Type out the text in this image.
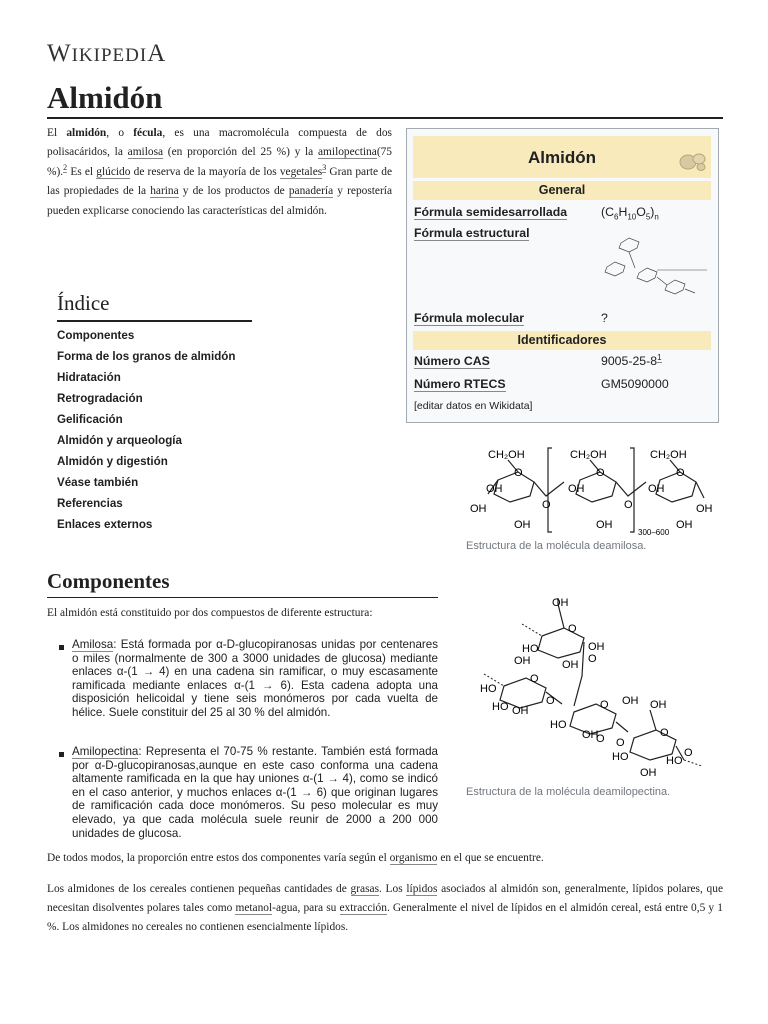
WIKIPEDIA
Almidón
El almidón, o fécula, es una macromolécula compuesta de dos polisacáridos, la amilosa (en proporción del 25 %) y la amilopectina(75 %).$^2$ Es el glúcido de reserva de la mayoría de los vegetales$^3$ Gran parte de las propiedades de la harina y de los productos de panadería y repostería pueden explicarse conociendo las características del almidón.
Almidón
General
Fórmula semidesarrollada	$(C_6H_{10}O_5)_n$
Fórmula estructural
Fórmula molecular	?
Identificadores
Número CAS	$9005-25-8^1$
Número RTECS	GM5090000
[editar datos en Wikidata]
Índice
Componentes
Forma de los granos de almidón
Hidratación
Retrogradación
Gelificación
Almidón y arqueología
Almidón y digestión
Véase también
Referencias
Enlaces externos
CH₂OH	CH₂OH	CH₂OH
O	O	O
OH	OH	OH
OH
OH	OH	OH
O	O	OH
300–600
Estructura de la molécula deamilosa.
Componentes
El almidón está constituido por dos compuestos de diferente estructura:
Amilosa: Está formada por α-D-glucopiranosas unidas por centenares o miles (normalmente de 300 a 3000 unidades de glucosa) mediante enlaces α-(1 → 4) en una cadena sin ramificar, o muy escasamente ramificada mediante enlaces α-(1 → 6). Esta cadena adopta una disposición helicoidal y tiene seis monómeros por cada vuelta de hélice. Suele constituir del 25 al 30 % del almidón.
Amilopectina: Representa el 70-75 % restante. También está formada por α-D-glucopiranosas,aunque en este caso conforma una cadena altamente ramificada en la que hay uniones α-(1 → 4), como se indicó en el caso anterior, y muchos enlaces α-(1 → 6) que originan lugares de ramificación cada doce monómeros. Su peso molecular es muy elevado, ya que cada molécula suele reunir de 2000 a 200 000 unidades de glucosa.
OH
O
HO
OH	OH
OH
O
O
HO
HO	O	OH
O
OH
HO
OH
O O
O
HO
OH
OH
HO
O
Estructura de la molécula deamilopectina.
De todos modos, la proporción entre estos dos componentes varía según el organismo en el que se encuentre.
Los almidones de los cereales contienen pequeñas cantidades de grasas. Los lípidos asociados al almidón son, generalmente, lípidos polares, que necesitan disolventes polares tales como metanol-agua, para su extracción. Generalmente el nivel de lípidos en el almidón cereal, está entre 0,5 y 1 %. Los almidones no cereales no contienen esencialmente lípidos.
